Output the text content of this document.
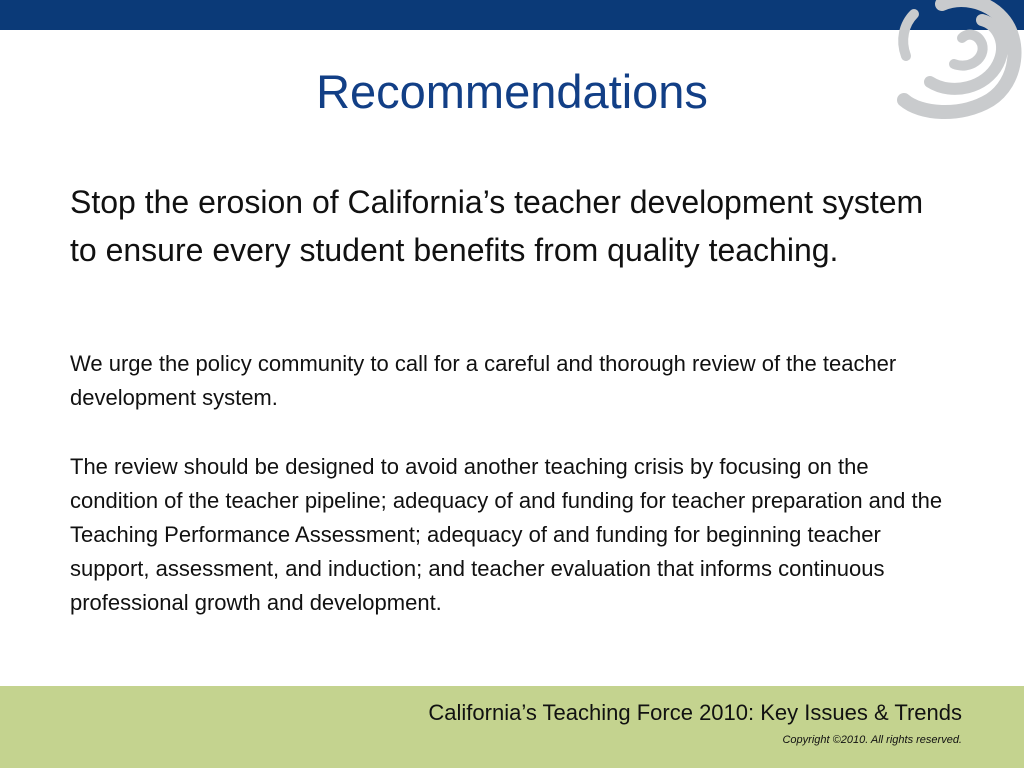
Recommendations

Stop the erosion of California’s teacher development system to ensure every student benefits from quality teaching.

We urge the policy community to call for a careful and thorough review of the teacher development system.

The review should be designed to avoid another teaching crisis by focusing on the condition of the teacher pipeline; adequacy of and funding for teacher preparation and the Teaching Performance Assessment; adequacy of and funding for beginning teacher support, assessment, and induction; and teacher evaluation that informs continuous professional growth and development.

California’s Teaching Force 2010: Key Issues & Trends
Copyright ©2010. All rights reserved.
